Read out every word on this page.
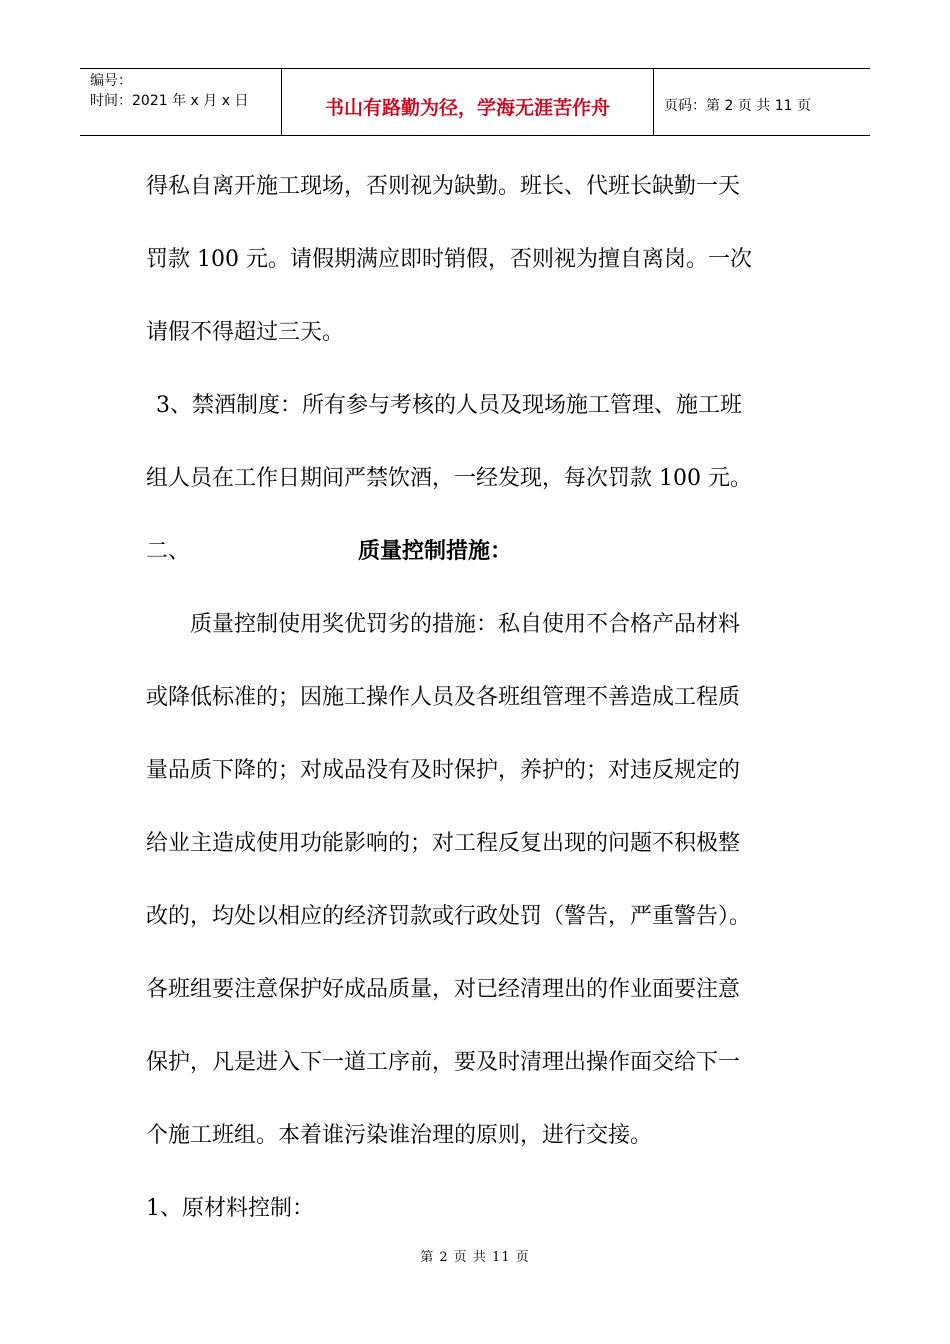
编号：
时间：2021 年 x 月 x 日	书山有路勤为径，学海无涯苦作舟	页码：第 2 页 共 11 页
得私自离开施工现场，否则视为缺勤。班长、代班长缺勤一天
罚款 100 元。请假期满应即时销假，否则视为擅自离岗。一次
请假不得超过三天。
3、禁酒制度：所有参与考核的人员及现场施工管理、施工班
组人员在工作日期间严禁饮酒，一经发现，每次罚款 100 元。
二、	质量控制措施：
质量控制使用奖优罚劣的措施：私自使用不合格产品材料
或降低标准的；因施工操作人员及各班组管理不善造成工程质
量品质下降的；对成品没有及时保护，养护的；对违反规定的
给业主造成使用功能影响的；对工程反复出现的问题不积极整
改的，均处以相应的经济罚款或行政处罚（警告，严重警告）。
各班组要注意保护好成品质量，对已经清理出的作业面要注意
保护，凡是进入下一道工序前，要及时清理出操作面交给下一
个施工班组。本着谁污染谁治理的原则，进行交接。
1、原材料控制：
第 2 页 共 11 页
